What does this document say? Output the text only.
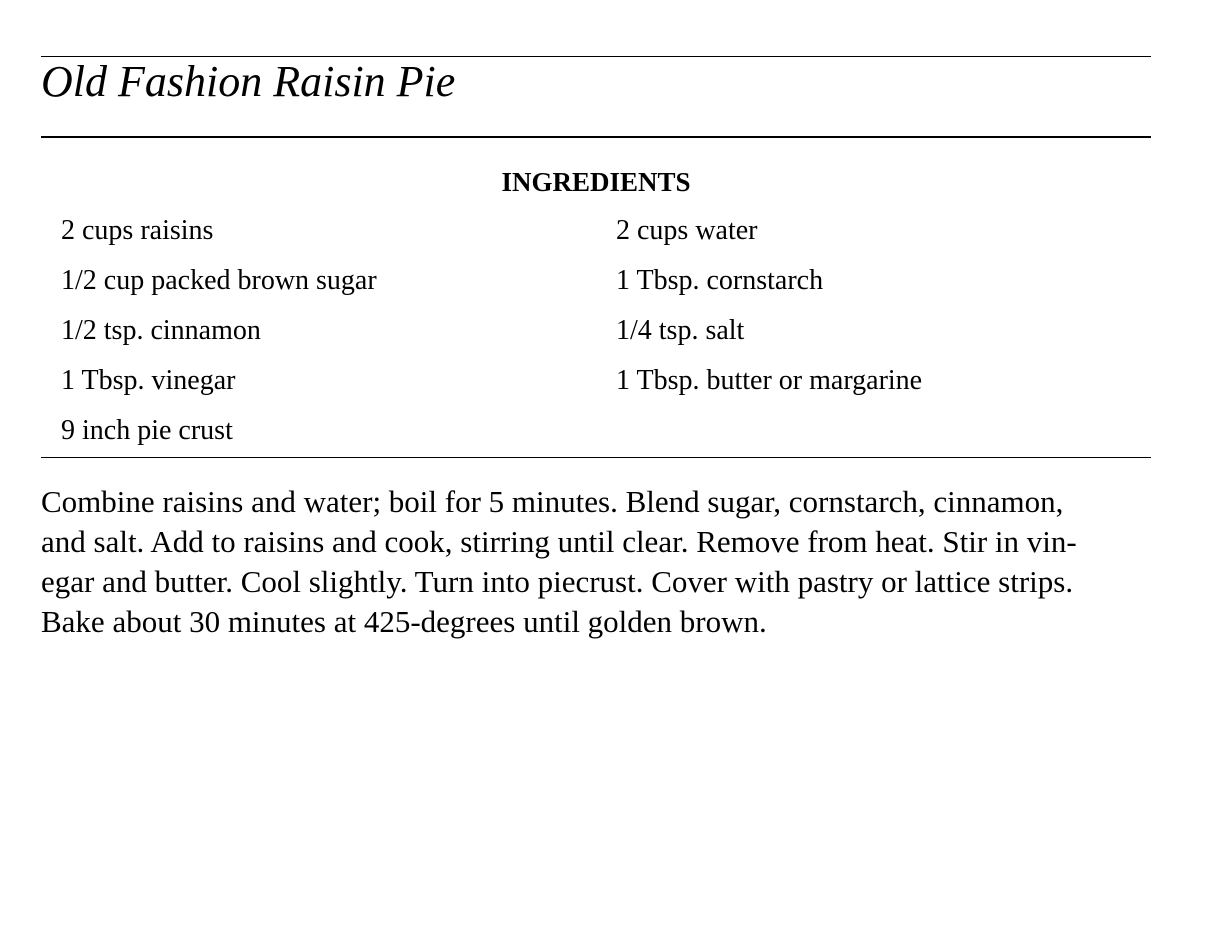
Old Fashion Raisin Pie
INGREDIENTS
2 cups raisins	2 cups water
1/2 cup packed brown sugar	1 Tbsp. cornstarch
1/2 tsp. cinnamon	1/4 tsp. salt
1 Tbsp. vinegar	1 Tbsp. butter or margarine
9 inch pie crust
Combine raisins and water; boil for 5 minutes. Blend sugar, cornstarch, cinnamon,
and salt. Add to raisins and cook, stirring until clear. Remove from heat. Stir in vin-
egar and butter. Cool slightly. Turn into piecrust. Cover with pastry or lattice strips.
Bake about 30 minutes at 425-degrees until golden brown.
